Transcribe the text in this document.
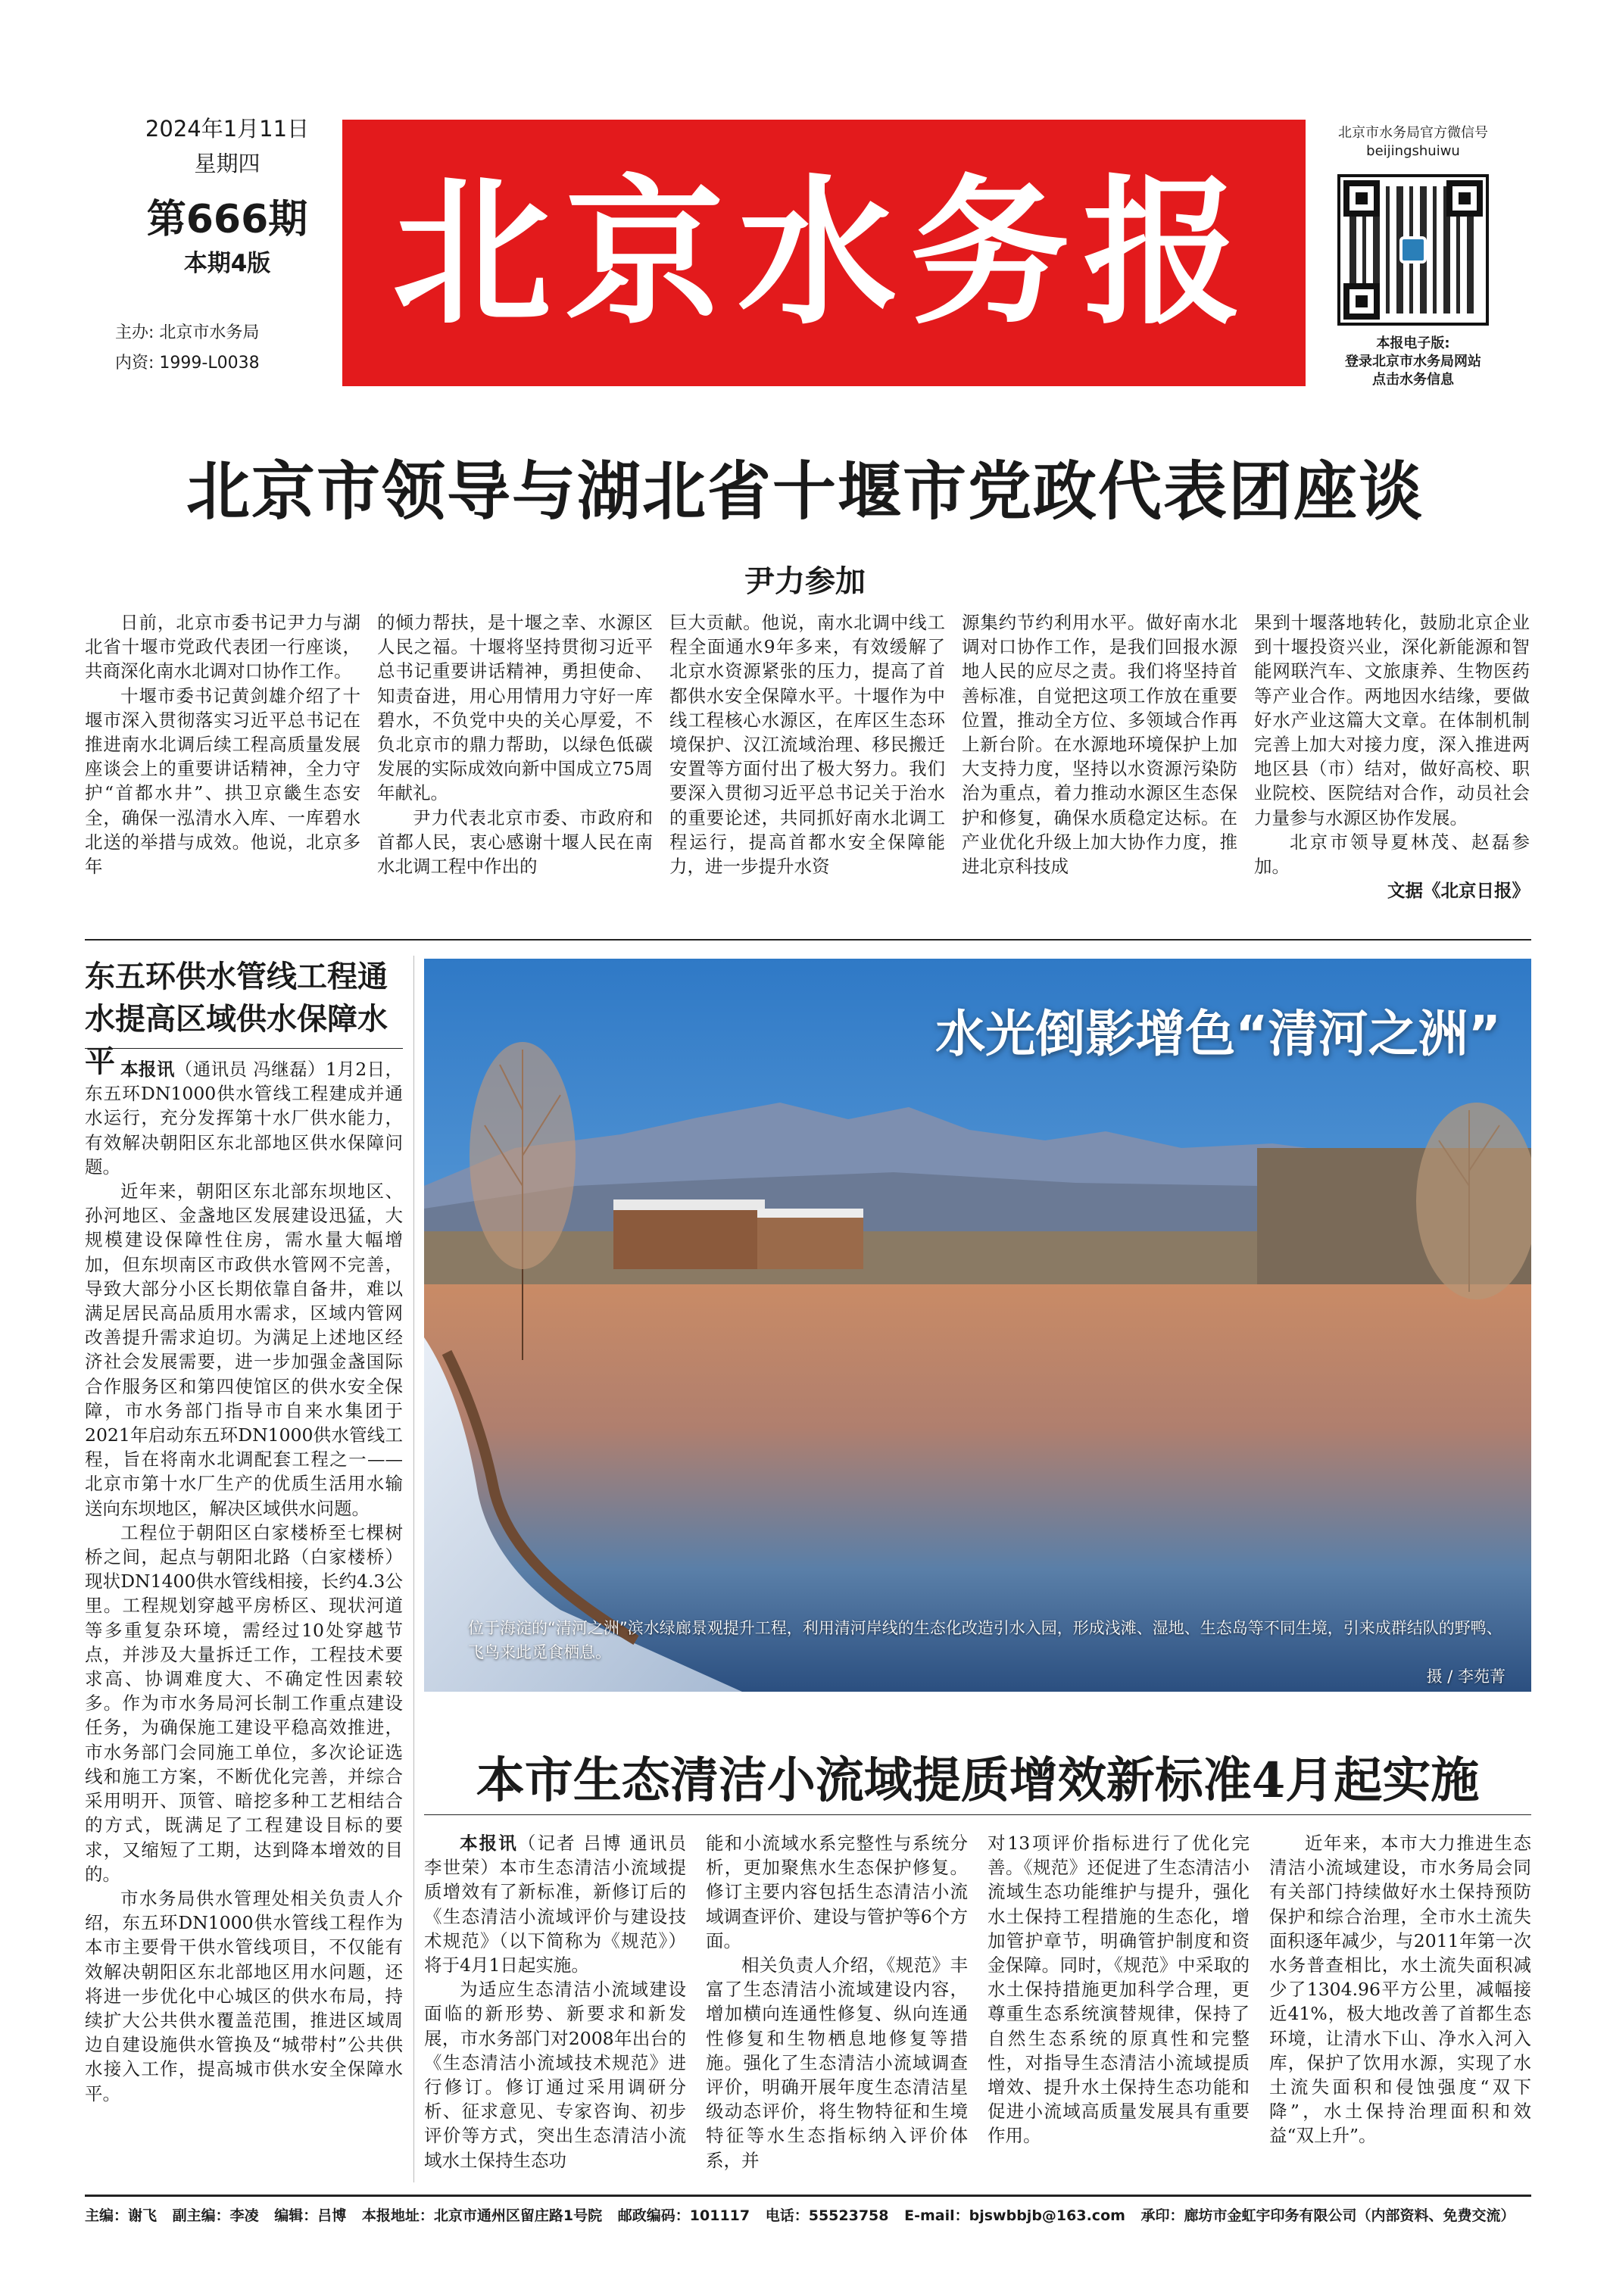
2024年1月11日
星期四
第666期
本期4版
主办: 北京市水务局
内资: 1999-L0038
北京水务报
北京市水务局官方微信号
beijingshuiwu
本报电子版:
登录北京市水务局网站
点击水务信息
北京市领导与湖北省十堰市党政代表团座谈
尹力参加

日前，北京市委书记尹力与湖北省十堰市党政代表团一行座谈，共商深化南水北调对口协作工作。

十堰市委书记黄剑雄介绍了十堰市深入贯彻落实习近平总书记在推进南水北调后续工程高质量发展座谈会上的重要讲话精神，全力守护“首都水井”、拱卫京畿生态安全，确保一泓清水入库、一库碧水北送的举措与成效。他说，北京多年

的倾力帮扶，是十堰之幸、水源区人民之福。十堰将坚持贯彻习近平总书记重要讲话精神，勇担使命、知责奋进，用心用情用力守好一库碧水，不负党中央的关心厚爱，不负北京市的鼎力帮助，以绿色低碳发展的实际成效向新中国成立75周年献礼。

尹力代表北京市委、市政府和首都人民，衷心感谢十堰人民在南水北调工程中作出的

巨大贡献。他说，南水北调中线工程全面通水9年多来，有效缓解了北京水资源紧张的压力，提高了首都供水安全保障水平。十堰作为中线工程核心水源区，在库区生态环境保护、汉江流域治理、移民搬迁安置等方面付出了极大努力。我们要深入贯彻习近平总书记关于治水的重要论述，共同抓好南水北调工程运行，提高首都水安全保障能力，进一步提升水资

源集约节约利用水平。做好南水北调对口协作工作，是我们回报水源地人民的应尽之责。我们将坚持首善标准，自觉把这项工作放在重要位置，推动全方位、多领域合作再上新台阶。在水源地环境保护上加大支持力度，坚持以水资源污染防治为重点，着力推动水源区生态保护和修复，确保水质稳定达标。在产业优化升级上加大协作力度，推进北京科技成

果到十堰落地转化，鼓励北京企业到十堰投资兴业，深化新能源和智能网联汽车、文旅康养、生物医药等产业合作。两地因水结缘，要做好水产业这篇大文章。在体制机制完善上加大对接力度，深入推进两地区县（市）结对，做好高校、职业院校、医院结对合作，动员社会力量参与水源区协作发展。

北京市领导夏林茂、赵磊参加。

文据《北京日报》
东五环供水管线工程通水提高区域供水保障水平 本报讯（通讯员 冯继磊）1月2日，东五环DN1000供水管线工程建成并通水运行，充分发挥第十水厂供水能力，有效解决朝阳区东北部地区供水保障问题。

近年来，朝阳区东北部东坝地区、孙河地区、金盏地区发展建设迅猛，大规模建设保障性住房，需水量大幅增加，但东坝南区市政供水管网不完善，导致大部分小区长期依靠自备井，难以满足居民高品质用水需求，区域内管网改善提升需求迫切。为满足上述地区经济社会发展需要，进一步加强金盏国际合作服务区和第四使馆区的供水安全保障，市水务部门指导市自来水集团于2021年启动东五环DN1000供水管线工程，旨在将南水北调配套工程之一——北京市第十水厂生产的优质生活用水输送向东坝地区，解决区域供水问题。

工程位于朝阳区白家楼桥至七棵树桥之间，起点与朝阳北路（白家楼桥）现状DN1400供水管线相接，长约4.3公里。工程规划穿越平房桥区、现状河道等多重复杂环境，需经过10处穿越节点，并涉及大量拆迁工作，工程技术要求高、协调难度大、不确定性因素较多。作为市水务局河长制工作重点建设任务，为确保施工建设平稳高效推进，市水务部门会同施工单位，多次论证选线和施工方案，不断优化完善，并综合采用明开、顶管、暗挖多种工艺相结合的方式，既满足了工程建设目标的要求，又缩短了工期，达到降本增效的目的。

市水务局供水管理处相关负责人介绍，东五环DN1000供水管线工程作为本市主要骨干供水管线项目，不仅能有效解决朝阳区东北部地区用水问题，还将进一步优化中心城区的供水布局，持续扩大公共供水覆盖范围，推进区域周边自建设施供水管换及“城带村”公共供水接入工作，提高城市供水安全保障水平。

水光倒影增色“清河之洲”
位于海淀的“清河之洲”滨水绿廊景观提升工程，利用清河岸线的生态化改造引水入园，形成浅滩、湿地、生态岛等不同生境，引来成群结队的野鸭、飞鸟来此觅食栖息。
摄 / 李苑菁
本市生态清洁小流域提质增效新标准4月起实施

本报讯（记者 吕博 通讯员 李世荣）本市生态清洁小流域提质增效有了新标准，新修订后的《生态清洁小流域评价与建设技术规范》（以下简称为《规范》）将于4月1日起实施。

为适应生态清洁小流域建设面临的新形势、新要求和新发展，市水务部门对2008年出台的《生态清洁小流域技术规范》进行修订。修订通过采用调研分析、征求意见、专家咨询、初步评价等方式，突出生态清洁小流域水土保持生态功

能和小流域水系完整性与系统分析，更加聚焦水生态保护修复。修订主要内容包括生态清洁小流域调查评价、建设与管护等6个方面。

相关负责人介绍，《规范》丰富了生态清洁小流域建设内容，增加横向连通性修复、纵向连通性修复和生物栖息地修复等措施。强化了生态清洁小流域调查评价，明确开展年度生态清洁星级动态评价，将生物特征和生境特征等水生态指标纳入评价体系，并

对13项评价指标进行了优化完善。《规范》还促进了生态清洁小流域生态功能维护与提升，强化水土保持工程措施的生态化，增加管护章节，明确管护制度和资金保障。同时，《规范》中采取的水土保持措施更加科学合理，更尊重生态系统演替规律，保持了自然生态系统的原真性和完整性，对指导生态清洁小流域提质增效、提升水土保持生态功能和促进小流域高质量发展具有重要作用。

近年来，本市大力推进生态清洁小流域建设，市水务局会同有关部门持续做好水土保持预防保护和综合治理，全市水土流失面积逐年减少，与2011年第一次水务普查相比，水土流失面积减少了1304.96平方公里，减幅接近41%，极大地改善了首都生态环境，让清水下山、净水入河入库，保护了饮用水源，实现了水土流失面积和侵蚀强度“双下降”，水土保持治理面积和效益“双上升”。

主编：谢飞 副主编：李凌 编辑：吕博 本报地址：北京市通州区留庄路1号院 邮政编码：101117 电话：55523758 E-mail：bjswbbjb@163.com 承印：廊坊市金虹宇印务有限公司（内部资料、免费交流）
